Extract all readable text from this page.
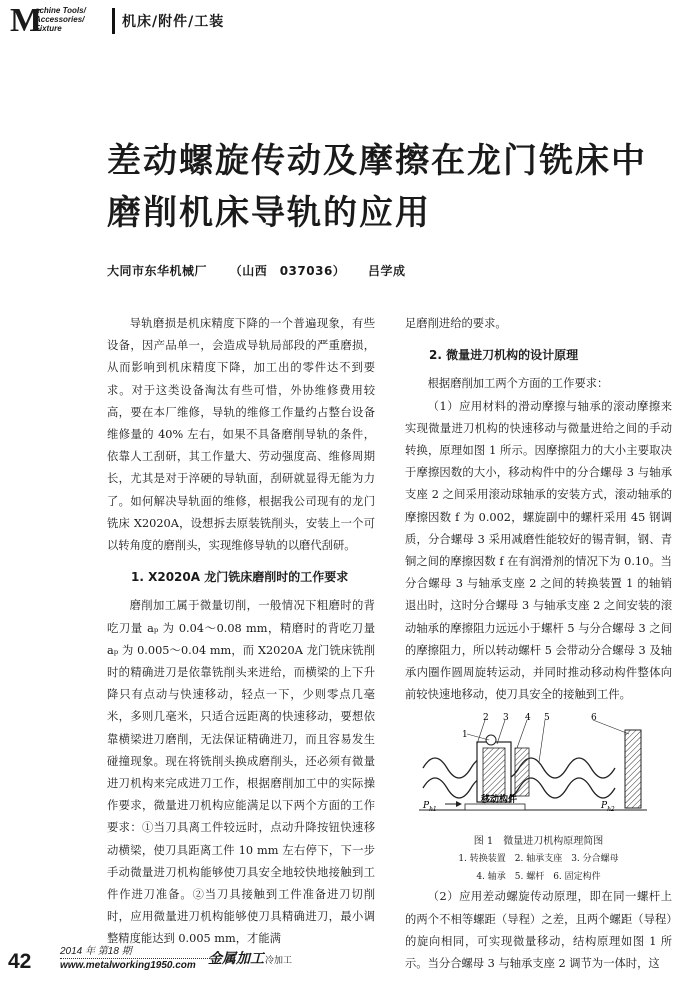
M
achine Tools/
Accessories/
Fixture	机床/附件/工装
差动螺旋传动及摩擦在龙门铣床中
磨削机床导轨的应用
大同市东华机械厂 （山西　037036） 吕学成

导轨磨损是机床精度下降的一个普遍现象，有些设备，因产品单一，会造成导轨局部段的严重磨损，从而影响到机床精度下降，加工出的零件达不到要求。对于这类设备淘汰有些可惜，外协维修费用较高，要在本厂维修，导轨的维修工作量约占整台设备维修量的 40% 左右，如果不具备磨削导轨的条件，依靠人工刮研，其工作量大、劳动强度高、维修周期长，尤其是对于淬硬的导轨面，刮研就显得无能为力了。如何解决导轨面的维修，根据我公司现有的龙门铣床 X2020A，设想拆去原装铣削头，安装上一个可以转角度的磨削头，实现维修导轨的以磨代刮研。

1. X2020A 龙门铣床磨削时的工作要求

磨削加工属于微量切削，一般情况下粗磨时的背吃刀量 aₚ 为 0.04～0.08 mm，精磨时的背吃刀量 aₚ 为 0.005～0.04 mm，而 X2020A 龙门铣床铣削时的精确进刀是依靠铣削头来进给，而横梁的上下升降只有点动与快速移动，轻点一下，少则零点几毫米，多则几毫米，只适合远距离的快速移动，要想依靠横梁进刀磨削，无法保证精确进刀，而且容易发生碰撞现象。现在将铣削头换成磨削头，还必须有微量进刀机构来完成进刀工作，根据磨削加工中的实际操作要求，微量进刀机构应能满足以下两个方面的工作要求：①当刀具离工件较远时，点动升降按钮快速移动横梁，使刀具距离工件 10 mm 左右停下，下一步手动微量进刀机构能够使刀具安全地较快地接触到工件作进刀准备。②当刀具接触到工件准备进刀切削时，应用微量进刀机构能够使刀具精确进刀，最小调整精度能达到 0.005 mm，才能满

足磨削进给的要求。

2. 微量进刀机构的设计原理

根据磨削加工两个方面的工作要求：

（1）应用材料的滑动摩擦与轴承的滚动摩擦来实现微量进刀机构的快速移动与微量进给之间的手动转换，原理如图 1 所示。因摩擦阻力的大小主要取决于摩擦因数的大小，移动构件中的分合螺母 3 与轴承支座 2 之间采用滚动球轴承的安装方式，滚动轴承的摩擦因数 f 为 0.002，螺旋副中的螺杆采用 45 钢调质，分合螺母 3 采用减磨性能较好的锡青铜，钢、青铜之间的摩擦因数 f 在有润滑剂的情况下为 0.10。当分合螺母 3 与轴承支座 2 之间的转换装置 1 的轴销退出时，这时分合螺母 3 与轴承支座 2 之间安装的滚动轴承的摩擦阻力远远小于螺杆 5 与分合螺母 3 之间的摩擦阻力，所以转动螺杆 5 会带动分合螺母 3 及轴承内圈作圆周旋转运动，并同时推动移动构件整体向前较快速地移动，使刀具安全的接触到工件。

1
2 3 4 5	6
移动构件
$P_{h1}$	$P_{h2}$
图 1　微量进刀机构原理简图
1. 转换装置　2. 轴承支座　3. 分合螺母
4. 轴承　5. 螺杆　6. 固定构件

（2）应用差动螺旋传动原理，即在同一螺杆上的两个不相等螺距（导程）之差，且两个螺距（导程）的旋向相同，可实现微量移动，结构原理如图 1 所示。当分合螺母 3 与轴承支座 2 调节为一体时，这

42	2014 年 第18 期
www.metalworking1950.com 金属加工 冷加工
